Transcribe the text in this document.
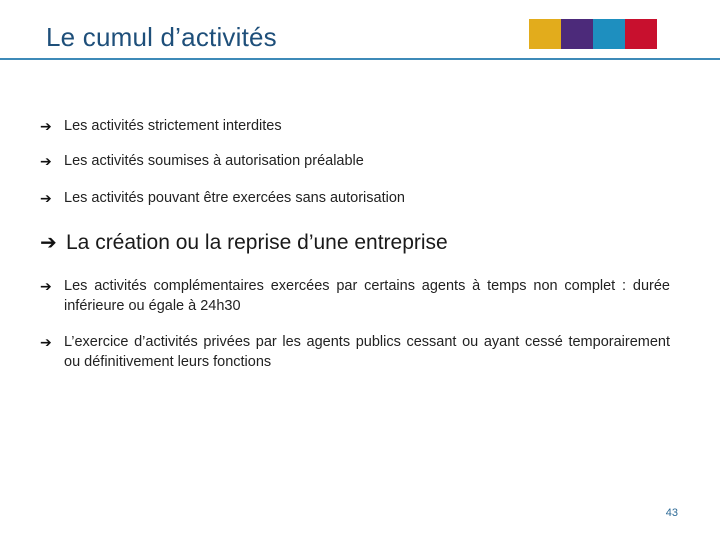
Le cumul d’activités
➔ Les activités strictement interdites
➔ Les activités soumises à autorisation préalable
➔ Les activités pouvant être exercées sans autorisation
➔ La création ou la reprise d’une entreprise
➔ Les activités complémentaires exercées par certains agents à temps non complet : durée inférieure ou égale à 24h30
➔ L’exercice d’activités privées par les agents publics cessant ou ayant cessé temporairement ou définitivement leurs fonctions
43
